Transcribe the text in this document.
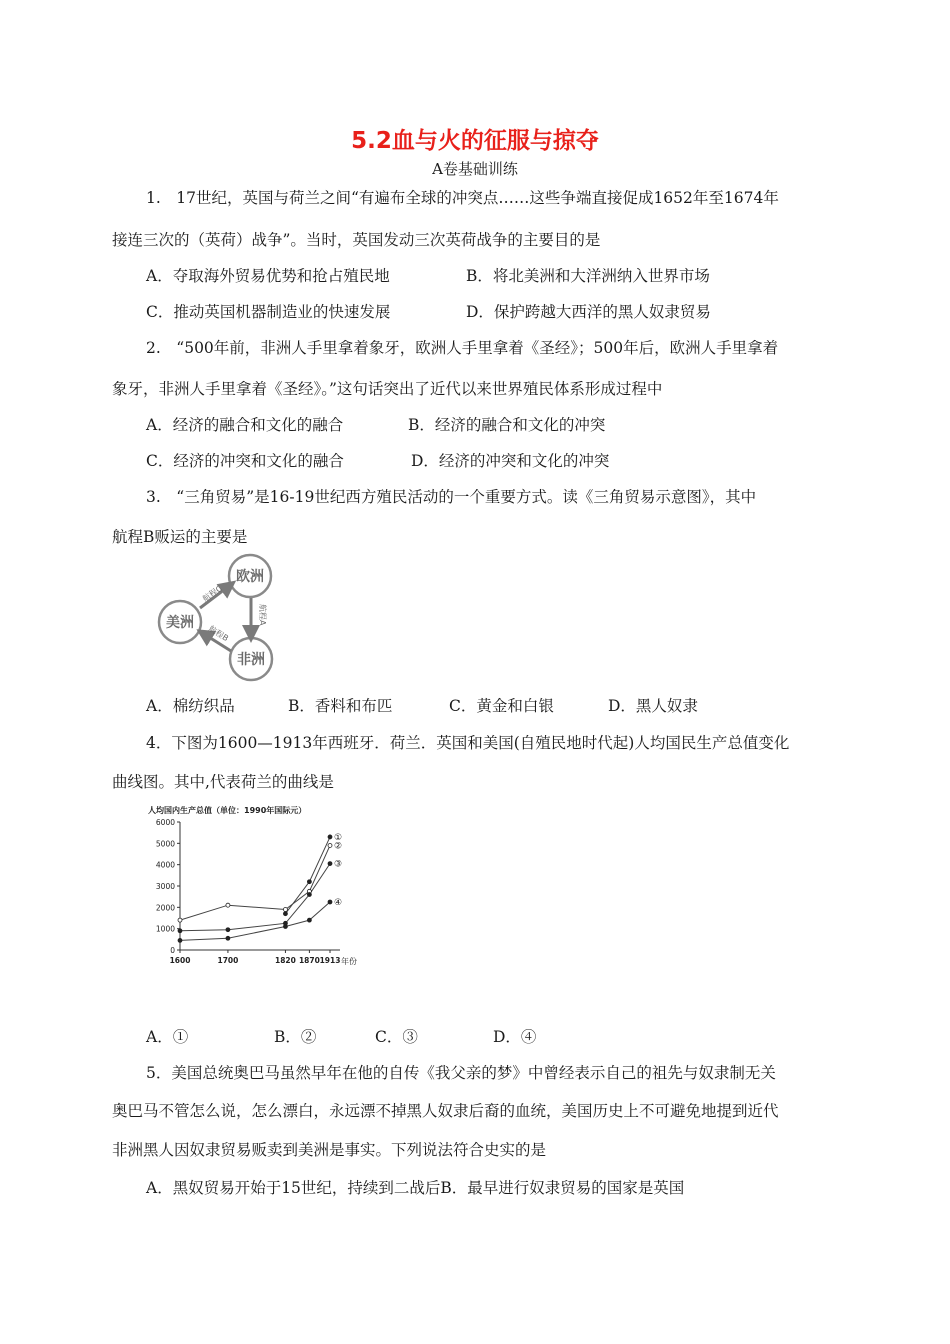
5.2血与火的征服与掠夺
A卷基础训练
1.　17世纪，英国与荷兰之间“有遍布全球的冲突点……这些争端直接促成1652年至1674年
接连三次的（英荷）战争”。当时，英国发动三次英荷战争的主要目的是
A．夺取海外贸易优势和抢占殖民地	B．将北美洲和大洋洲纳入世界市场
C．推动英国机器制造业的快速发展	D．保护跨越大西洋的黑人奴隶贸易
2.　“500年前，非洲人手里拿着象牙，欧洲人手里拿着《圣经》；500年后，欧洲人手里拿着
象牙，非洲人手里拿着《圣经》。”这句话突出了近代以来世界殖民体系形成过程中
A．经济的融合和文化的融合	B．经济的融合和文化的冲突
C．经济的冲突和文化的融合	D．经济的冲突和文化的冲突
3.　“三角贸易”是16-19世纪西方殖民活动的一个重要方式。读《三角贸易示意图》，其中
航程B贩运的主要是
欧洲
美洲
非洲
航程C
航程A
航程B
A．棉纺织品	B．香料和布匹	C．黄金和白银	D．黑人奴隶
4．下图为1600—1913年西班牙．荷兰．英国和美国(自殖民地时代起)人均国民生产总值变化
曲线图。其中,代表荷兰的曲线是
人均国内生产总值（单位：1990年国际元）
0
1000
2000
3000
4000
5000
6000
1600	1700	1820 1870 1913
①
②
③
④
年份
A．①	B．②	C．③	D．④
5．美国总统奥巴马虽然早年在他的自传《我父亲的梦》中曾经表示自己的祖先与奴隶制无关
奥巴马不管怎么说，怎么漂白，永远漂不掉黑人奴隶后裔的血统，美国历史上不可避免地提到近代
非洲黑人因奴隶贸易贩卖到美洲是事实。下列说法符合史实的是
A．黑奴贸易开始于15世纪，持续到二战后B．最早进行奴隶贸易的国家是英国
